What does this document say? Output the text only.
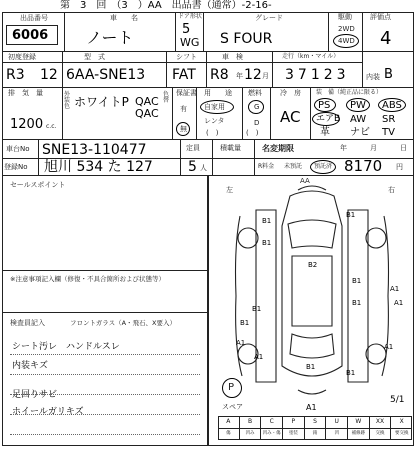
第　3　回　（3　）AA　出品書（通常）-2-16-
出品番号
6006
車　　名
ノート
ドア形状
5
WG
グレード
S FOUR
駆動
2WD
4WD
評価点
4
初度登録	型　式	シフト	車　検	走行（km・マイル）
R3 12 6AA-SNE13 FAT R8 年 12 月 37123 内装 B
排　気　量
1200 c.c.
外装色 ホワイトP QAC
QAC
色替
保証書
有
無
用　　途
自家用
レンタ
(　)
燃料
G
D
(　)
冷　房
AC
装　備（純正品に限る）
PS PW ABS
エアB AW SR
革 ナビ TV
車台No SNE13-110477
登録No 旭川 534 た 127
定員
5 人
積載量	名変期限	年	月	日
R料金 未預託 預託済 8170 円
セールスポイント
※注意事項記入欄（修復・不具合箇所および状態等）
検査員記入	フロントガラス（A・飛石、X要入）
シート汚レ　ハンドルスレ
内装キズ
足回りサビ
ホイールガリキズ
AA
左	右
B1
B1
B1
B1
B1
B1
B2
B1
A1
A1
A1
A1
B1
A1
B1
P
スペア	A1
5/1
A	B	C	P	S	U	W	XX	X
傷	凹み	凹み・傷	塗装	錆	凹	補修跡	交換	要交換
